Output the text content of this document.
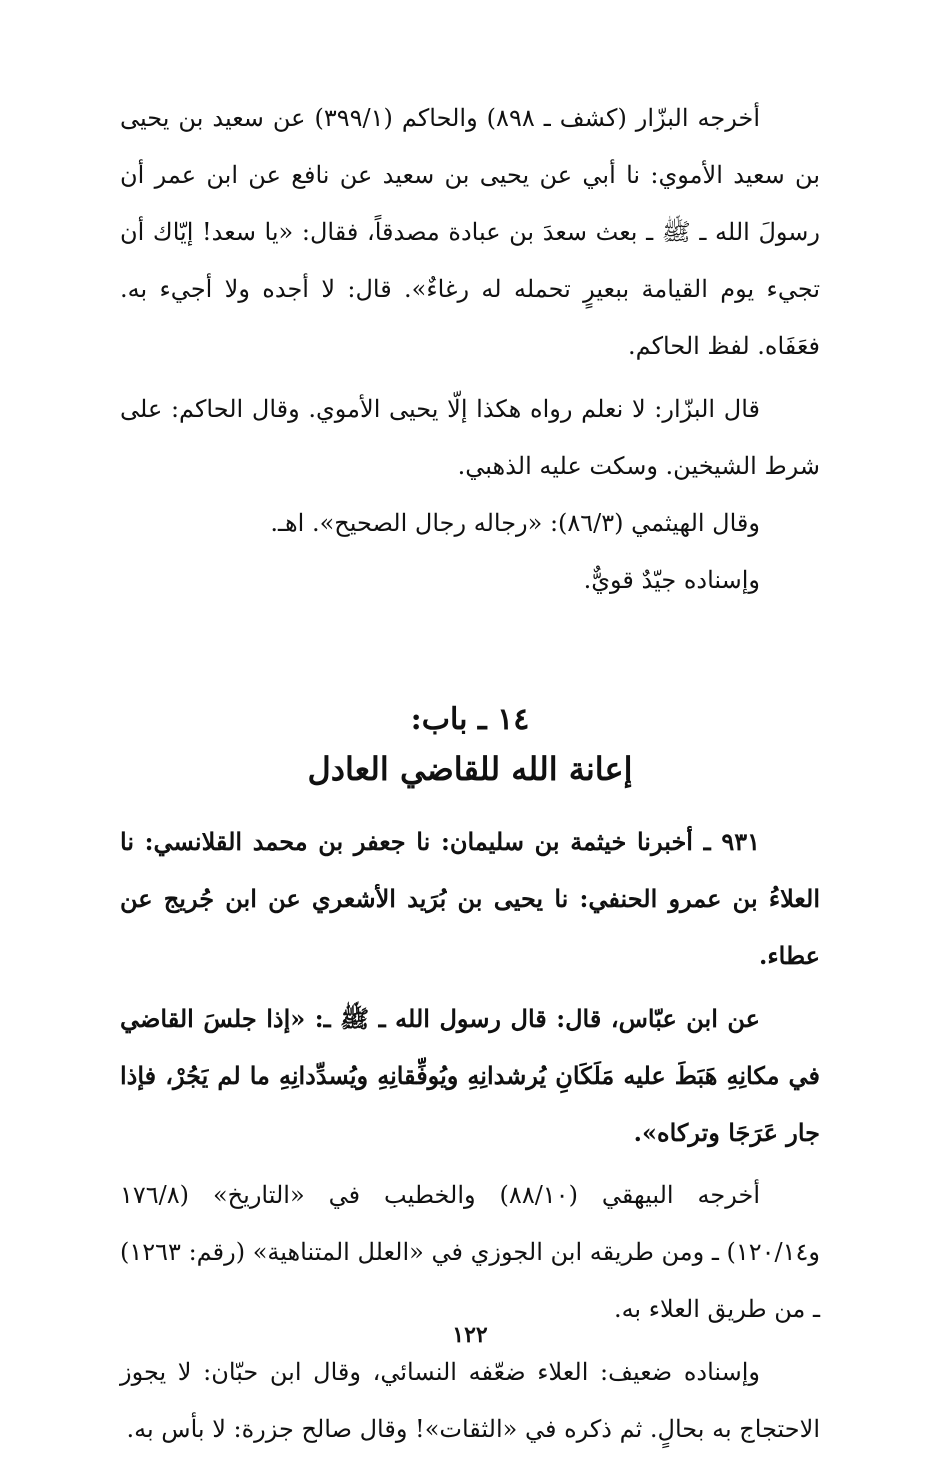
أخرجه البزّار (كشف ـ ٨٩٨) والحاكم (٣٩٩/١) عن سعيد بن يحيى بن سعيد الأموي: نا أبي عن يحيى بن سعيد عن نافع عن ابن عمر أن رسولَ الله ـ ﷺ ـ بعث سعدَ بن عبادة مصدقاً، فقال: «يا سعد! إيّاك أن تجيء يوم القيامة ببعيرٍ تحمله له رغاءٌ». قال: لا أجده ولا أجيء به. فعَفَاه. لفظ الحاكم.

قال البزّار: لا نعلم رواه هكذا إلّا يحيى الأموي. وقال الحاكم: على شرط الشيخين. وسكت عليه الذهبي.

وقال الهيثمي (٨٦/٣): «رجاله رجال الصحيح». اهـ.

وإسناده جيّدٌ قويٌّ.

١٤ ـ باب:
إعانة الله للقاضي العادل

٩٣١ ـ أخبرنا خيثمة بن سليمان: نا جعفر بن محمد القلانسي: نا العلاءُ بن عمرو الحنفي: نا يحيى بن بُرَيد الأشعري عن ابن جُريج عن عطاء.

عن ابن عبّاس، قال: قال رسول الله ـ ﷺ ـ: «إذا جلسَ القاضي في مكانِهِ هَبَطَ عليه مَلَكَانِ يُرشدانِهِ ويُوفِّقانِهِ ويُسدِّدانِهِ ما لم يَجُرْ، فإذا جار عَرَجَا وتركاه».

أخرجه البيهقي (٨٨/١٠) والخطيب في «التاريخ» (١٧٦/٨ و١٢٠/١٤) ـ ومن طريقه ابن الجوزي في «العلل المتناهية» (رقم: ١٢٦٣) ـ من طريق العلاء به.

وإسناده ضعيف: العلاء ضعّفه النسائي، وقال ابن حبّان: لا يجوز الاحتجاج به بحالٍ. ثم ذكره في «الثقات»! وقال صالح جزرة: لا بأس به.

١٢٢
